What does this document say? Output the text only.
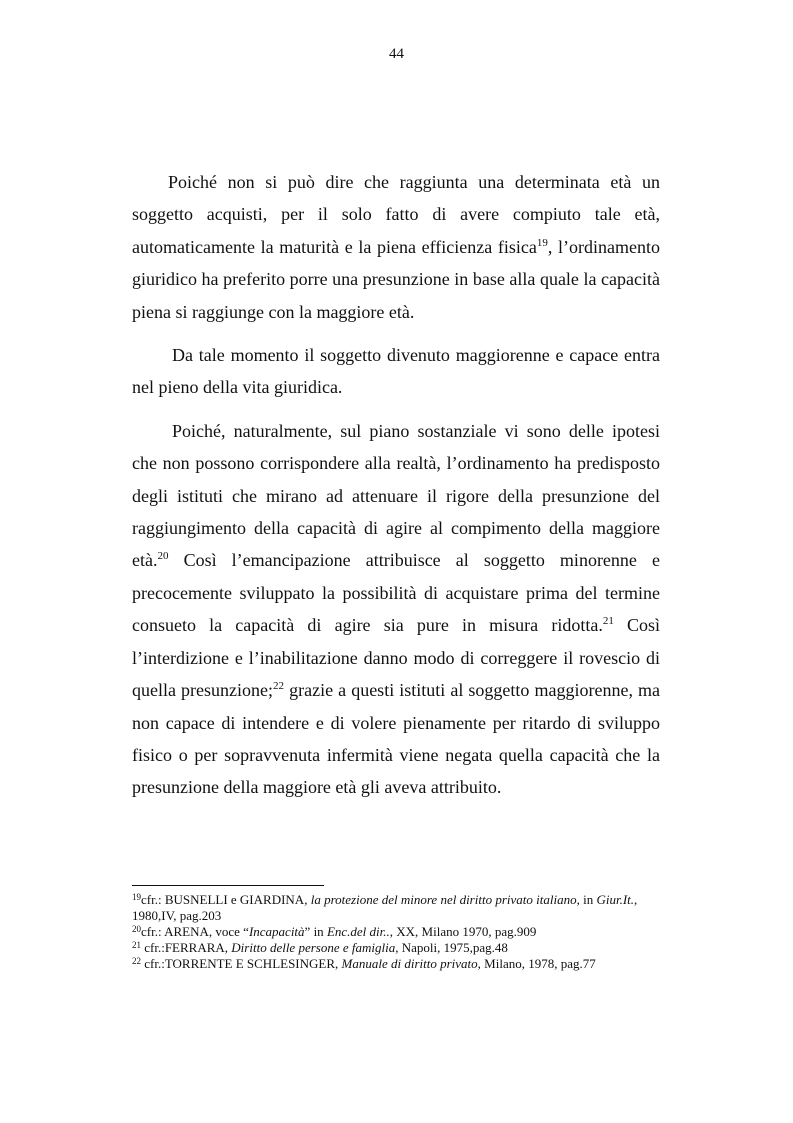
44

Poiché non si può dire che raggiunta una determinata età un soggetto acquisti, per il solo fatto di avere compiuto tale età, automaticamente la maturità e la piena efficienza fisica$^{19}$, l’ordinamento giuridico ha preferito porre una presunzione in base alla quale la capacità piena si raggiunge con la maggiore età.

Da tale momento il soggetto divenuto maggiorenne e capace entra nel pieno della vita giuridica.

Poiché, naturalmente, sul piano sostanziale vi sono delle ipotesi che non possono corrispondere alla realtà, l’ordinamento ha predisposto degli istituti che mirano ad attenuare il rigore della presunzione del raggiungimento della capacità di agire al compimento della maggiore età.$^{20}$ Così l’emancipazione attribuisce al soggetto minorenne e precocemente sviluppato la possibilità di acquistare prima del termine consueto la capacità di agire sia pure in misura ridotta.$^{21}$ Così l’interdizione e l’inabilitazione danno modo di correggere il rovescio di quella presunzione;$^{22}$ grazie a questi istituti al soggetto maggiorenne, ma non capace di intendere e di volere pienamente per ritardo di sviluppo fisico o per sopravvenuta infermità viene negata quella capacità che la presunzione della maggiore età gli aveva attribuito.

$^{19}$cfr.: BUSNELLI e GIARDINA, la protezione del minore nel diritto privato italiano, in Giur.It., 1980,IV, pag.203

$^{20}$cfr.: ARENA, voce “Incapacità” in Enc.del dir.., XX, Milano 1970, pag.909

$^{21}$ cfr.:FERRARA, Diritto delle persone e famiglia, Napoli, 1975,pag.48

$^{22}$ cfr.:TORRENTE E SCHLESINGER, Manuale di diritto privato, Milano, 1978, pag.77
